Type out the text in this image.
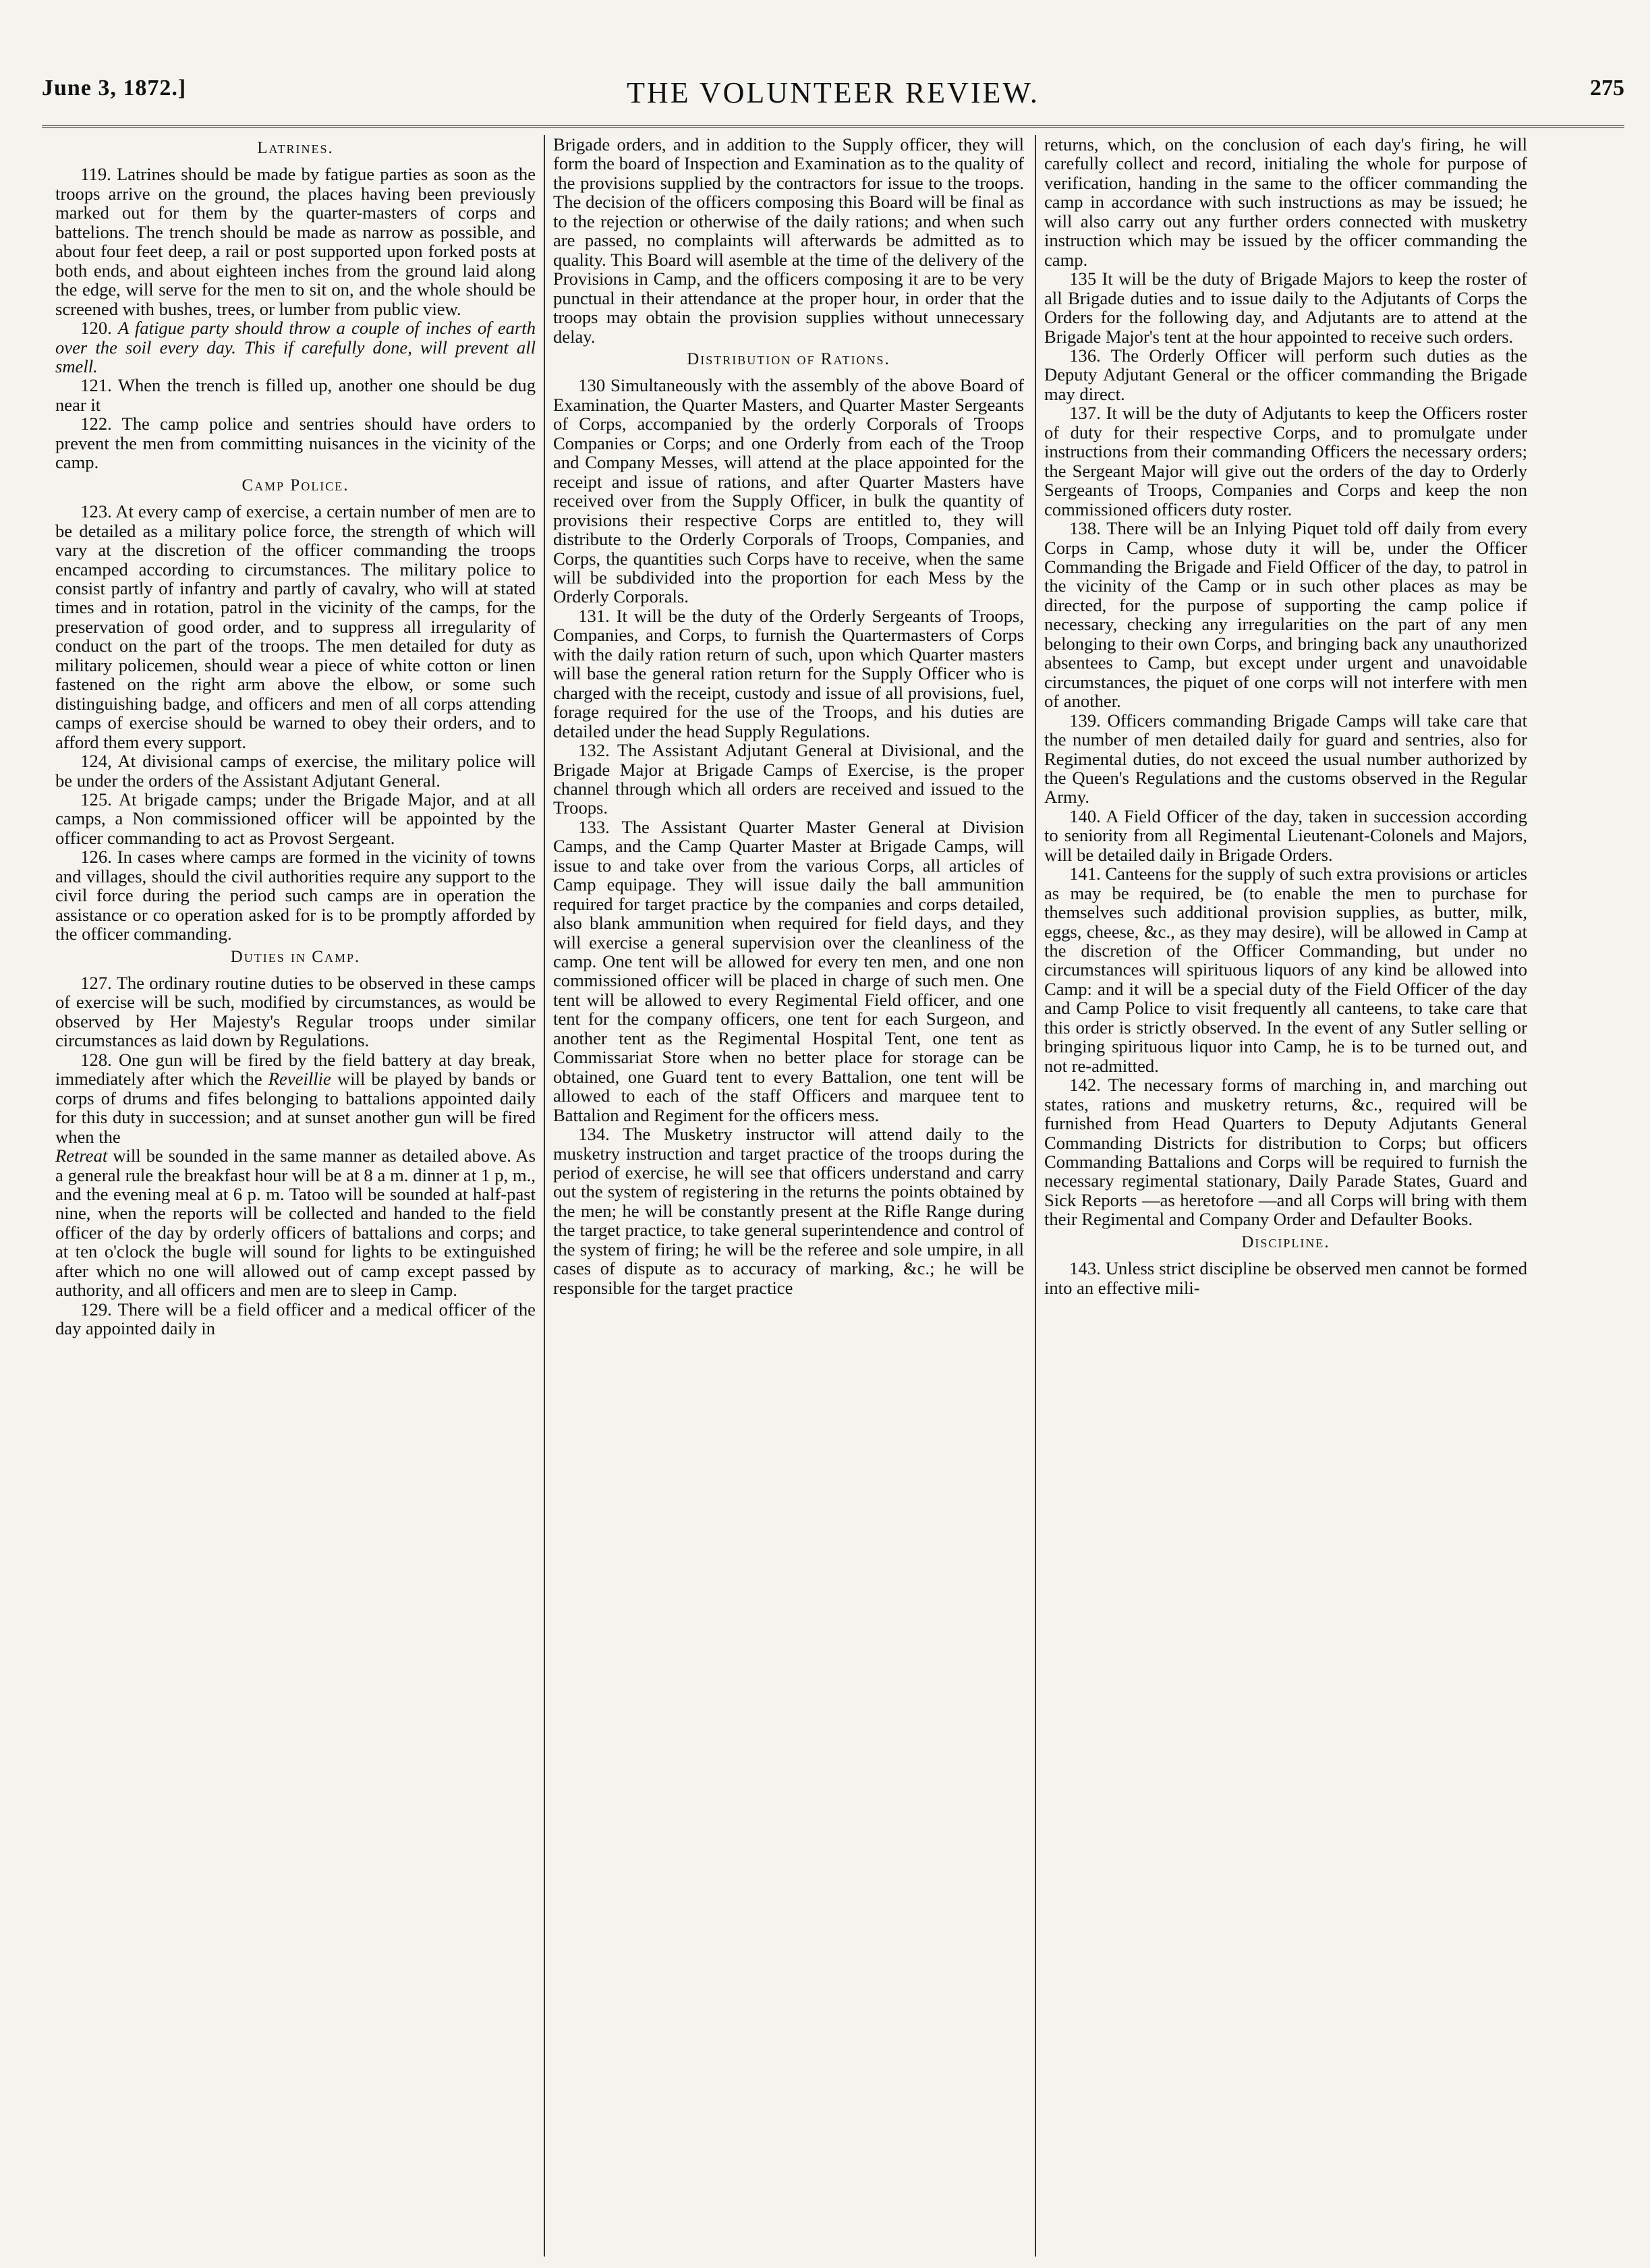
June 3, 1872.]	THE VOLUNTEER REVIEW.	275
Latrines.

119. Latrines should be made by fatigue parties as soon as the troops arrive on the ground, the places having been previously marked out for them by the quarter-masters of corps and battelions. The trench should be made as narrow as possible, and about four feet deep, a rail or post supported upon forked posts at both ends, and about eighteen inches from the ground laid along the edge, will serve for the men to sit on, and the whole should be screened with bushes, trees, or lumber from public view.

120. A fatigue party should throw a couple of inches of earth over the soil every day. This if carefully done, will prevent all smell.

121. When the trench is filled up, another one should be dug near it

122. The camp police and sentries should have orders to prevent the men from committing nuisances in the vicinity of the camp.

Camp Police.

123. At every camp of exercise, a certain number of men are to be detailed as a military police force, the strength of which will vary at the discretion of the officer commanding the troops encamped according to circumstances. The military police to consist partly of infantry and partly of cavalry, who will at stated times and in rotation, patrol in the vicinity of the camps, for the preservation of good order, and to suppress all irregularity of conduct on the part of the troops. The men detailed for duty as military policemen, should wear a piece of white cotton or linen fastened on the right arm above the elbow, or some such distinguishing badge, and officers and men of all corps attending camps of exercise should be warned to obey their orders, and to afford them every support.

124, At divisional camps of exercise, the military police will be under the orders of the Assistant Adjutant General.

125. At brigade camps; under the Brigade Major, and at all camps, a Non commissioned officer will be appointed by the officer commanding to act as Provost Sergeant.

126. In cases where camps are formed in the vicinity of towns and villages, should the civil authorities require any support to the civil force during the period such camps are in operation the assistance or co operation asked for is to be promptly afforded by the officer commanding.

Duties in Camp.

127. The ordinary routine duties to be observed in these camps of exercise will be such, modified by circumstances, as would be observed by Her Majesty's Regular troops under similar circumstances as laid down by Regulations.

128. One gun will be fired by the field battery at day break, immediately after which the Reveillie will be played by bands or corps of drums and fifes belonging to battalions appointed daily for this duty in succession; and at sunset another gun will be fired when the

Retreat will be sounded in the same manner as detailed above. As a general rule the breakfast hour will be at 8 a m. dinner at 1 p, m., and the evening meal at 6 p. m. Tatoo will be sounded at half-past nine, when the reports will be collected and handed to the field officer of the day by orderly officers of battalions and corps; and at ten o'clock the bugle will sound for lights to be extinguished after which no one will allowed out of camp except passed by authority, and all officers and men are to sleep in Camp.

129. There will be a field officer and a medical officer of the day appointed daily in

Brigade orders, and in addition to the Supply officer, they will form the board of Inspection and Examination as to the quality of the provisions supplied by the contractors for issue to the troops. The decision of the officers composing this Board will be final as to the rejection or otherwise of the daily rations; and when such are passed, no complaints will afterwards be admitted as to quality. This Board will asemble at the time of the delivery of the Provisions in Camp, and the officers composing it are to be very punctual in their attendance at the proper hour, in order that the troops may obtain the provision supplies without unnecessary delay.

Distribution of Rations.

130 Simultaneously with the assembly of the above Board of Examination, the Quarter Masters, and Quarter Master Sergeants of Corps, accompanied by the orderly Corporals of Troops Companies or Corps; and one Orderly from each of the Troop and Company Messes, will attend at the place appointed for the receipt and issue of rations, and after Quarter Masters have received over from the Supply Officer, in bulk the quantity of provisions their respective Corps are entitled to, they will distribute to the Orderly Corporals of Troops, Companies, and Corps, the quantities such Corps have to receive, when the same will be subdivided into the proportion for each Mess by the Orderly Corporals.

131. It will be the duty of the Orderly Sergeants of Troops, Companies, and Corps, to furnish the Quartermasters of Corps with the daily ration return of such, upon which Quarter masters will base the general ration return for the Supply Officer who is charged with the receipt, custody and issue of all provisions, fuel, forage required for the use of the Troops, and his duties are detailed under the head Supply Regulations.

132. The Assistant Adjutant General at Divisional, and the Brigade Major at Brigade Camps of Exercise, is the proper channel through which all orders are received and issued to the Troops.

133. The Assistant Quarter Master General at Division Camps, and the Camp Quarter Master at Brigade Camps, will issue to and take over from the various Corps, all articles of Camp equipage. They will issue daily the ball ammunition required for target practice by the companies and corps detailed, also blank ammunition when required for field days, and they will exercise a general supervision over the cleanliness of the camp. One tent will be allowed for every ten men, and one non commissioned officer will be placed in charge of such men. One tent will be allowed to every Regimental Field officer, and one tent for the company officers, one tent for each Surgeon, and another tent as the Regimental Hospital Tent, one tent as Commissariat Store when no better place for storage can be obtained, one Guard tent to every Battalion, one tent will be allowed to each of the staff Officers and marquee tent to Battalion and Regiment for the officers mess.

134. The Musketry instructor will attend daily to the musketry instruction and target practice of the troops during the period of exercise, he will see that officers understand and carry out the system of registering in the returns the points obtained by the men; he will be constantly present at the Rifle Range during the target practice, to take general superintendence and control of the system of firing; he will be the referee and sole umpire, in all cases of dispute as to accuracy of marking, &c.; he will be responsible for the target practice

returns, which, on the conclusion of each day's firing, he will carefully collect and record, initialing the whole for purpose of verification, handing in the same to the officer commanding the camp in accordance with such instructions as may be issued; he will also carry out any further orders connected with musketry instruction which may be issued by the officer commanding the camp.

135 It will be the duty of Brigade Majors to keep the roster of all Brigade duties and to issue daily to the Adjutants of Corps the Orders for the following day, and Adjutants are to attend at the Brigade Major's tent at the hour appointed to receive such orders.

136. The Orderly Officer will perform such duties as the Deputy Adjutant General or the officer commanding the Brigade may direct.

137. It will be the duty of Adjutants to keep the Officers roster of duty for their respective Corps, and to promulgate under instructions from their commanding Officers the necessary orders; the Sergeant Major will give out the orders of the day to Orderly Sergeants of Troops, Companies and Corps and keep the non commissioned officers duty roster.

138. There will be an Inlying Piquet told off daily from every Corps in Camp, whose duty it will be, under the Officer Commanding the Brigade and Field Officer of the day, to patrol in the vicinity of the Camp or in such other places as may be directed, for the purpose of supporting the camp police if necessary, checking any irregularities on the part of any men belonging to their own Corps, and bringing back any unauthorized absentees to Camp, but except under urgent and unavoidable circumstances, the piquet of one corps will not interfere with men of another.

139. Officers commanding Brigade Camps will take care that the number of men detailed daily for guard and sentries, also for Regimental duties, do not exceed the usual number authorized by the Queen's Regulations and the customs observed in the Regular Army.

140. A Field Officer of the day, taken in succession according to seniority from all Regimental Lieutenant-Colonels and Majors, will be detailed daily in Brigade Orders.

141. Canteens for the supply of such extra provisions or articles as may be required, be (to enable the men to purchase for themselves such additional provision supplies, as butter, milk, eggs, cheese, &c., as they may desire), will be allowed in Camp at the discretion of the Officer Commanding, but under no circumstances will spirituous liquors of any kind be allowed into Camp: and it will be a special duty of the Field Officer of the day and Camp Police to visit frequently all canteens, to take care that this order is strictly observed. In the event of any Sutler selling or bringing spirituous liquor into Camp, he is to be turned out, and not re-admitted.

142. The necessary forms of marching in, and marching out states, rations and musketry returns, &c., required will be furnished from Head Quarters to Deputy Adjutants General Commanding Districts for distribution to Corps; but officers Commanding Battalions and Corps will be required to furnish the necessary regimental stationary, Daily Parade States, Guard and Sick Reports —as heretofore —and all Corps will bring with them their Regimental and Company Order and Defaulter Books.

Discipline.

143. Unless strict discipline be observed men cannot be formed into an effective mili-
